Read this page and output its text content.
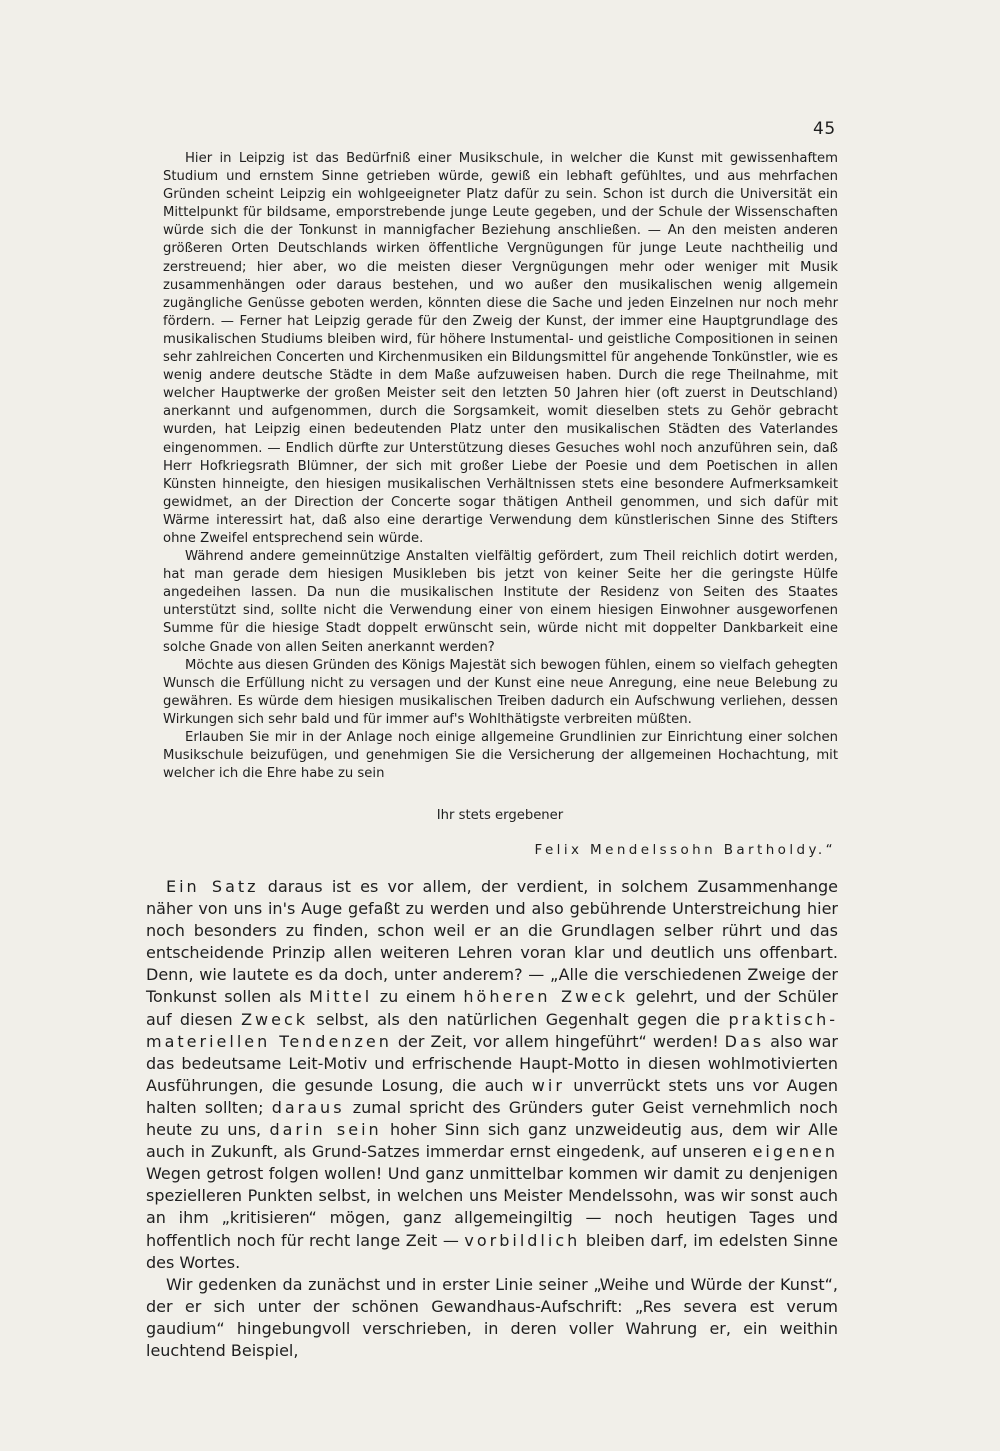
45

Hier in Leipzig ist das Bedürfniß einer Musikschule, in welcher die Kunst mit gewissenhaftem Studium und ernstem Sinne getrieben würde, gewiß ein lebhaft gefühltes, und aus mehrfachen Gründen scheint Leipzig ein wohlgeeigneter Platz dafür zu sein. Schon ist durch die Universität ein Mittelpunkt für bildsame, emporstrebende junge Leute gegeben, und der Schule der Wissenschaften würde sich die der Tonkunst in mannigfacher Beziehung anschließen. — An den meisten anderen größeren Orten Deutschlands wirken öffentliche Vergnügungen für junge Leute nachtheilig und zerstreuend; hier aber, wo die meisten dieser Vergnügungen mehr oder weniger mit Musik zusammenhängen oder daraus bestehen, und wo außer den musikalischen wenig allgemein zugängliche Genüsse geboten werden, könnten diese die Sache und jeden Einzelnen nur noch mehr fördern. — Ferner hat Leipzig gerade für den Zweig der Kunst, der immer eine Hauptgrundlage des musikalischen Studiums bleiben wird, für höhere Instumental- und geistliche Compositionen in seinen sehr zahlreichen Concerten und Kirchenmusiken ein Bildungsmittel für angehende Tonkünstler, wie es wenig andere deutsche Städte in dem Maße aufzuweisen haben. Durch die rege Theilnahme, mit welcher Hauptwerke der großen Meister seit den letzten 50 Jahren hier (oft zuerst in Deutschland) anerkannt und aufgenommen, durch die Sorgsamkeit, womit dieselben stets zu Gehör gebracht wurden, hat Leipzig einen bedeutenden Platz unter den musikalischen Städten des Vaterlandes eingenommen. — Endlich dürfte zur Unterstützung dieses Gesuches wohl noch anzuführen sein, daß Herr Hofkriegsrath Blümner, der sich mit großer Liebe der Poesie und dem Poetischen in allen Künsten hinneigte, den hiesigen musikalischen Verhältnissen stets eine besondere Aufmerksamkeit gewidmet, an der Direction der Concerte sogar thätigen Antheil genommen, und sich dafür mit Wärme interessirt hat, daß also eine derartige Verwendung dem künstlerischen Sinne des Stifters ohne Zweifel entsprechend sein würde.

Während andere gemeinnützige Anstalten vielfältig gefördert, zum Theil reichlich dotirt werden, hat man gerade dem hiesigen Musikleben bis jetzt von keiner Seite her die geringste Hülfe angedeihen lassen. Da nun die musikalischen Institute der Residenz von Seiten des Staates unterstützt sind, sollte nicht die Verwendung einer von einem hiesigen Einwohner ausgeworfenen Summe für die hiesige Stadt doppelt erwünscht sein, würde nicht mit doppelter Dankbarkeit eine solche Gnade von allen Seiten anerkannt werden?

Möchte aus diesen Gründen des Königs Majestät sich bewogen fühlen, einem so vielfach gehegten Wunsch die Erfüllung nicht zu versagen und der Kunst eine neue Anregung, eine neue Belebung zu gewähren. Es würde dem hiesigen musikalischen Treiben dadurch ein Aufschwung verliehen, dessen Wirkungen sich sehr bald und für immer auf's Wohlthätigste verbreiten müßten.

Erlauben Sie mir in der Anlage noch einige allgemeine Grundlinien zur Einrichtung einer solchen Musikschule beizufügen, und genehmigen Sie die Versicherung der allgemeinen Hochachtung, mit welcher ich die Ehre habe zu sein

Ihr stets ergebener
Felix Mendelssohn Bartholdy.“

Ein Satz daraus ist es vor allem, der verdient, in solchem Zusammenhange näher von uns in's Auge gefaßt zu werden und also gebührende Unterstreichung hier noch besonders zu finden, schon weil er an die Grundlagen selber rührt und das entscheidende Prinzip allen weiteren Lehren voran klar und deutlich uns offenbart. Denn, wie lautete es da doch, unter anderem? — „Alle die verschiedenen Zweige der Tonkunst sollen als Mittel zu einem höheren Zweck gelehrt, und der Schüler auf diesen Zweck selbst, als den natürlichen Gegenhalt gegen die praktisch-materiellen Tendenzen der Zeit, vor allem hingeführt“ werden! Das also war das bedeutsame Leit-Motiv und erfrischende Haupt-Motto in diesen wohlmotivierten Ausführungen, die gesunde Losung, die auch wir unverrückt stets uns vor Augen halten sollten; daraus zumal spricht des Gründers guter Geist vernehmlich noch heute zu uns, darin sein hoher Sinn sich ganz unzweideutig aus, dem wir Alle auch in Zukunft, als Grund-Satzes immerdar ernst eingedenk, auf unseren eigenen Wegen getrost folgen wollen! Und ganz unmittelbar kommen wir damit zu denjenigen spezielleren Punkten selbst, in welchen uns Meister Mendelssohn, was wir sonst auch an ihm „kritisieren“ mögen, ganz allgemeingiltig — noch heutigen Tages und hoffentlich noch für recht lange Zeit — vorbildlich bleiben darf, im edelsten Sinne des Wortes.

Wir gedenken da zunächst und in erster Linie seiner „Weihe und Würde der Kunst“, der er sich unter der schönen Gewandhaus-Aufschrift: „Res severa est verum gaudium“ hingebungvoll verschrieben, in deren voller Wahrung er, ein weithin leuchtend Beispiel,
